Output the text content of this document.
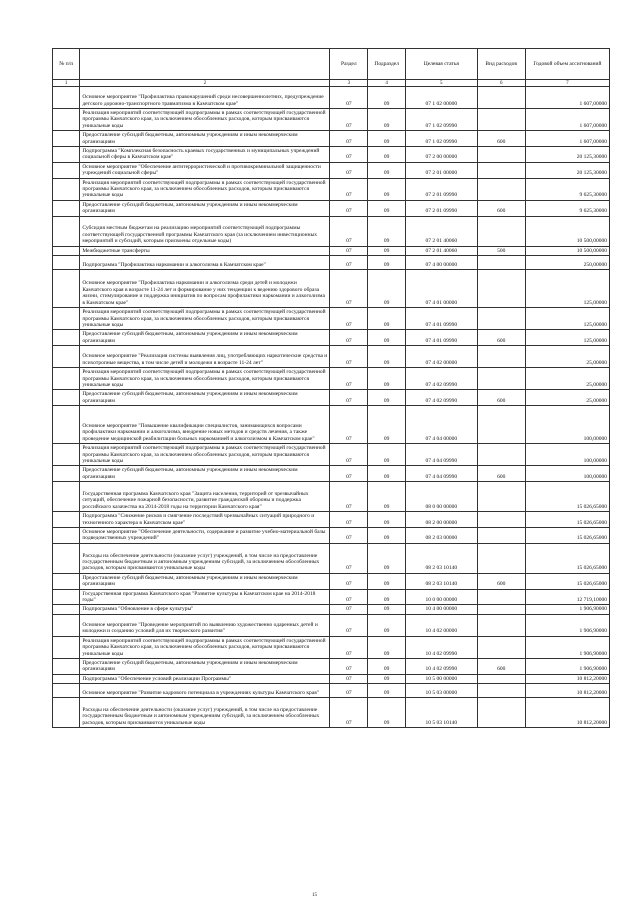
№ п/п		Раздел	Подраздел	Целевая статья	Вид расходов	Годовой объем ассигнований
1	2	3	4	5	6	7
	Основное мероприятие "Профилактика правонарушений среди несовершеннолетних, предупреждение детского дорожно-транспортного травматизма в Камчатском крае"	07	09	07 1 02 00000		1 607,00000
	Реализация мероприятий соответствующей подпрограммы в рамках соответствующей государственной программы Камчатского края, за исключением обособленных расходов, которым присваиваются уникальные коды	07	09	07 1 02 09990		1 607,00000
	Предоставление субсидий бюджетным, автономным учреждениям и иным некоммерческим организациям	07	09	07 1 02 09990	600	1 607,00000
	Подпрограмма "Комплексная безопасность краевых государственных и муниципальных учреждений социальной сферы в Камчатском крае"	07	09	07 2 00 00000		20 125,30000
	Основное мероприятие "Обеспечение антитеррористической и противокриминальной защищенности учреждений социальной сферы"	07	09	07 2 01 00000		20 125,30000
	Реализация мероприятий соответствующей подпрограммы в рамках соответствующей государственной программы Камчатского края, за исключением обособленных расходов, которым присваиваются уникальные коды	07	09	07 2 01 09990		9 625,30000
	Предоставление субсидий бюджетным, автономным учреждениям и иным некоммерческим организациям	07	09	07 2 01 09990	600	9 625,30000
	Субсидия местным бюджетам на реализацию мероприятий соответствующей подпрограммы соответствующей государственной программы Камчатского края (за исключением инвестиционных мероприятий и субсидий, которым присвоены отдельные коды)	07	09	07 2 01 40060		10 500,00000
	Межбюджетные трансферты	07	09	07 2 01 40060	500	10 500,00000
	Подпрограмма "Профилактика наркомании и алкоголизма в Камчатском крае"	07	09	07 4 00 00000		250,00000
	Основное мероприятие "Профилактика наркомании и алкоголизма среди детей и молодежи Камчатского края в возрасте 11-24 лет и формирование у них тенденции к ведению здорового образа жизни, стимулирование и поддержка инициатив по вопросам профилактики наркомании и алкоголизма в Камчатском крае"	07	09	07 4 01 00000		125,00000
	Реализация мероприятий соответствующей подпрограммы в рамках соответствующей государственной программы Камчатского края, за исключением обособленных расходов, которым присваиваются уникальные коды	07	09	07 4 01 09990		125,00000
	Предоставление субсидий бюджетным, автономным учреждениям и иным некоммерческим организациям	07	09	07 4 01 09990	600	125,00000
	Основное мероприятие "Реализация системы выявления лиц, употребляющих наркотические средства и психотропные вещества, в том числе детей и молодежи в возрасте 11-24 лет"	07	09	07 4 02 00000		25,00000
	Реализация мероприятий соответствующей подпрограммы в рамках соответствующей государственной программы Камчатского края, за исключением обособленных расходов, которым присваиваются уникальные коды	07	09	07 4 02 09990		25,00000
	Предоставление субсидий бюджетным, автономным учреждениям и иным некоммерческим организациям	07	09	07 4 02 09990	600	25,00000
	Основное мероприятие "Повышение квалификации специалистов, занимающихся вопросами профилактики наркомании и алкоголизма, внедрение новых методов и средств лечения, а также проведение медицинской реабилитации больных наркоманией и алкоголизмом в Камчатском крае"	07	09	07 4 04 00000		100,00000
	Реализация мероприятий соответствующей подпрограммы в рамках соответствующей государственной программы Камчатского края, за исключением обособленных расходов, которым присваиваются уникальные коды	07	09	07 4 04 09990		100,00000
	Предоставление субсидий бюджетным, автономным учреждениям и иным некоммерческим организациям	07	09	07 4 04 09990	600	100,00000
	Государственная программа Камчатского края "Защита населения, территорий от чрезвычайных ситуаций, обеспечение пожарной безопасности, развитие гражданской обороны и поддержка российского казачества на 2014-2018 годы на территории Камчатского края"	07	09	08 0 00 00000		15 026,65000
	Подпрограмма "Снижение рисков и смягчение последствий чрезвычайных ситуаций природного и техногенного характера в Камчатском крае"	07	09	08 2 00 00000		15 026,65000
	Основное мероприятие "Обеспечение деятельности, содержание и развитие учебно-материальной базы подведомственных учреждений"	07	09	08 2 03 00000		15 026,65000
	Расходы на обеспечение деятельности (оказание услуг) учреждений, в том числе на предоставление государственным бюджетным и автономным учреждениям субсидий, за исключением обособленных расходов, которым присваиваются уникальные коды	07	09	08 2 03 10140		15 026,65000
	Предоставление субсидий бюджетным, автономным учреждениям и иным некоммерческим организациям	07	09	08 2 03 10140	600	15 026,65000
	Государственная программа Камчатского края "Развитие культуры в Камчатском крае на 2014-2018 годы"	07	09	10 0 00 00000		12 719,10000
	Подпрограмма "Обновление в сфере культуры"	07	09	10 4 00 00000		1 906,90000
	Основное мероприятие "Проведение мероприятий по выявлению художественно одаренных детей и молодежи и созданию условий для их творческого развития"	07	09	10 4 02 00000		1 906,90000
	Реализация мероприятий соответствующей подпрограммы в рамках соответствующей государственной программы Камчатского края, за исключением обособленных расходов, которым присваиваются уникальные коды	07	09	10 4 02 09990		1 906,90000
	Предоставление субсидий бюджетным, автономным учреждениям и иным некоммерческим организациям	07	09	10 4 02 09990	600	1 906,90000
	Подпрограмма "Обеспечение условий реализации Программы"	07	09	10 5 00 00000		10 812,20000
	Основное мероприятие "Развитие кадрового потенциала в учреждениях культуры Камчатского края"	07	09	10 5 03 00000		10 812,20000
	Расходы на обеспечение деятельности (оказание услуг) учреждений, в том числе на предоставление государственным бюджетным и автономным учреждениям субсидий, за исключением обособленных расходов, которым присваиваются уникальные коды	07	09	10 5 03 10140		10 812,20000
15
